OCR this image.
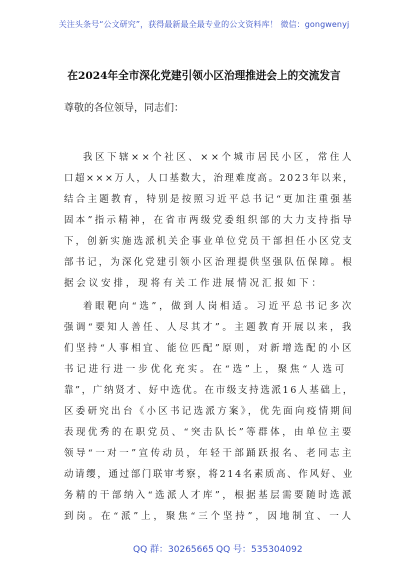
关注头条号“公文研究”，获得最新最全最专业的公文资料库！ 微信：gongwenyj
在2024年全市深化党建引领小区治理推进会上的交流发言
尊敬的各位领导，同志们：
我区下辖××个社区、××个城市居民小区，常住人
口超×××万人，人口基数大，治理难度高。2023年以来，
结合主题教育，特别是按照习近平总书记“更加注重强基
固本”指示精神，在省市两级党委组织部的大力支持指导
下，创新实施选派机关企事业单位党员干部担任小区党支
部书记，为深化党建引领小区治理提供坚强队伍保障。根
据会议安排，现将有关工作进展情况汇报如下：
着眼靶向“选”，做到人岗相适。习近平总书记多次
强调“要知人善任、人尽其才”。主题教育开展以来，我
们坚持“人事相宜、能位匹配”原则，对新增选配的小区
书记进行进一步优化充实。在“选”上，聚焦“人选可
靠”，广纳贤才、好中选优。在市级支持选派16人基础上，
区委研究出台《小区书记选派方案》，优先面向疫情期间
表现优秀的在职党员、“突击队长”等群体，由单位主要
领导“一对一”宣传动员，年轻干部踊跃报名、老同志主
动请缨，通过部门联审考察，将214名素质高、作风好、业
务精的干部纳入“选派人才库”，根据基层需要随时选派
到岗。在“派”上，聚焦“三个坚持”，因地制宜、一人
QQ 群：30265665 QQ 号：535304092
